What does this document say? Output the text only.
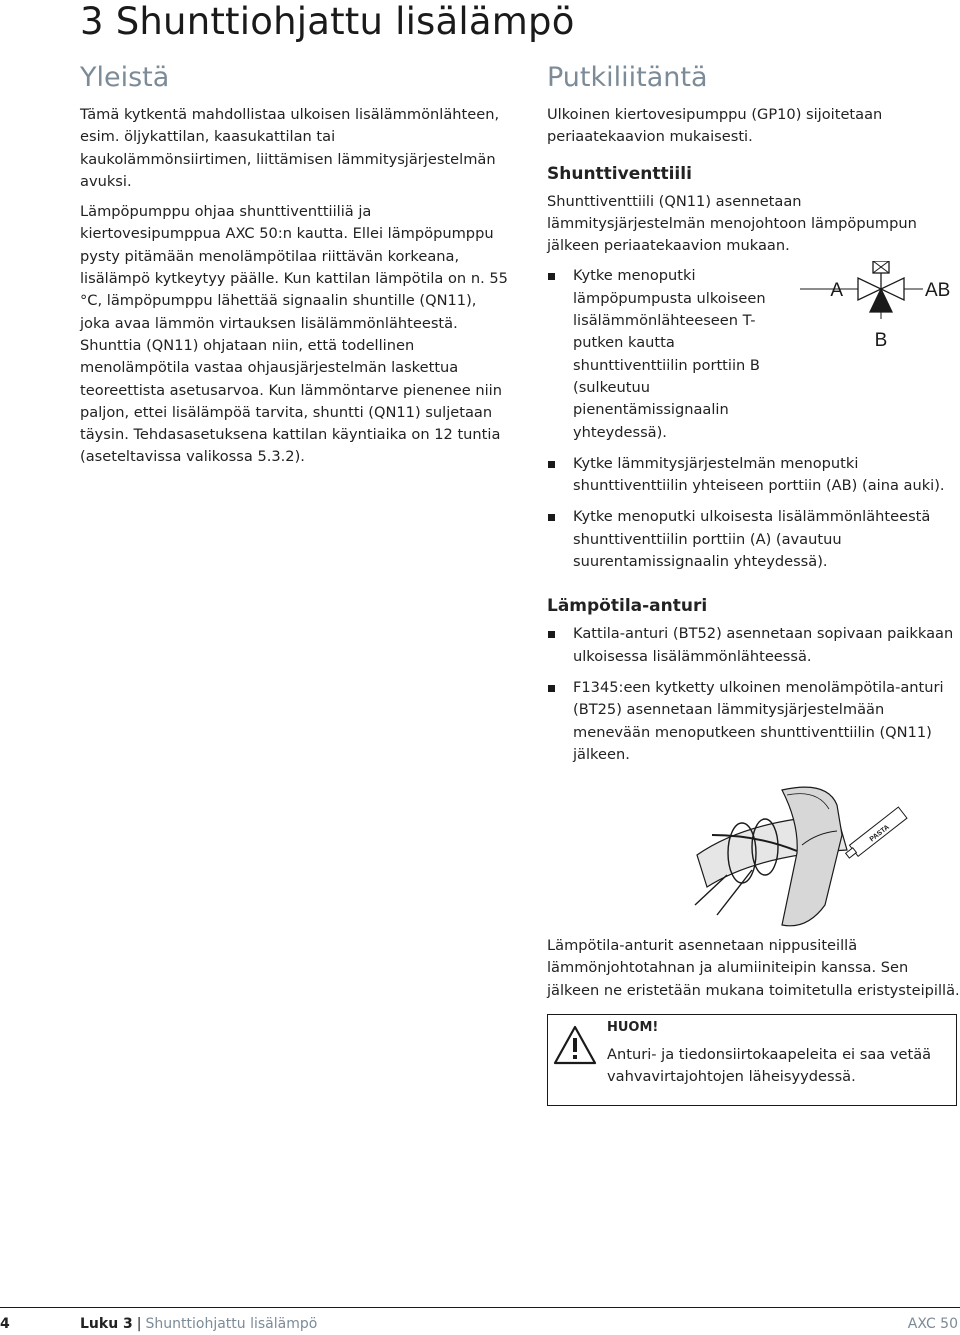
3 Shunttiohjattu lisälämpö
Yleistä

Tämä kytkentä mahdollistaa ulkoisen lisälämmönlähteen, esim. öljykattilan, kaasukattilan tai kaukolämmönsiirtimen, liittämisen lämmitysjärjestelmän avuksi.

Lämpöpumppu ohjaa shunttiventtiiliä ja kiertovesipumppua AXC 50:n kautta. Ellei lämpöpumppu pysty pitämään menolämpötilaa riittävän korkeana, lisälämpö kytkeytyy päälle. Kun kattilan lämpötila on n. 55 °C, lämpöpumppu lähettää signaalin shuntille (QN11), joka avaa lämmön virtauksen lisälämmönlähteestä. Shunttia (QN11) ohjataan niin, että todellinen menolämpötila vastaa ohjausjärjestelmän laskettua teoreettista asetusarvoa. Kun lämmöntarve pienenee niin paljon, ettei lisälämpöä tarvita, shuntti (QN11) suljetaan täysin. Tehdasasetuksena kattilan käyntiaika on 12 tuntia (aseteltavissa valikossa 5.3.2).

Putkiliitäntä

Ulkoinen kiertovesipumppu (GP10) sijoitetaan periaatekaavion mukaisesti.

Shunttiventtiili

Shunttiventtiili (QN11) asennetaan lämmitysjärjestelmän menojohtoon lämpöpumpun jälkeen periaatekaavion mukaan.

Kytke menoputki lämpöpumpusta ulkoiseen lisälämmönlähteeseen T-putken kautta shunttiventtiilin porttiin B (sulkeutuu pienentämissignaalin yhteydessä).
A	AB
B
Kytke lämmitysjärjestelmän menoputki shunttiventtiilin yhteiseen porttiin (AB) (aina auki).
Kytke menoputki ulkoisesta lisälämmönlähteestä shunttiventtiilin porttiin (A) (avautuu suurentamissignaalin yhteydessä).
Lämpötila-anturi
Kattila-anturi (BT52) asennetaan sopivaan paikkaan ulkoisessa lisälämmönlähteessä.
F1345:een kytketty ulkoinen menolämpötila-anturi (BT25) asennetaan lämmitysjärjestelmään menevään menoputkeen shunttiventtiilin (QN11) jälkeen.
PASTA

Lämpötila-anturit asennetaan nippusiteillä lämmönjohtotahnan ja alumiiniteipin kanssa. Sen jälkeen ne eristetään mukana toimitetulla eristysteipillä.

HUOM!
Anturi- ja tiedonsiirtokaapeleita ei saa vetää vahvavirtajohtojen läheisyydessä.
4	Luku 3 | Shunttiohjattu lisälämpö	AXC 50
